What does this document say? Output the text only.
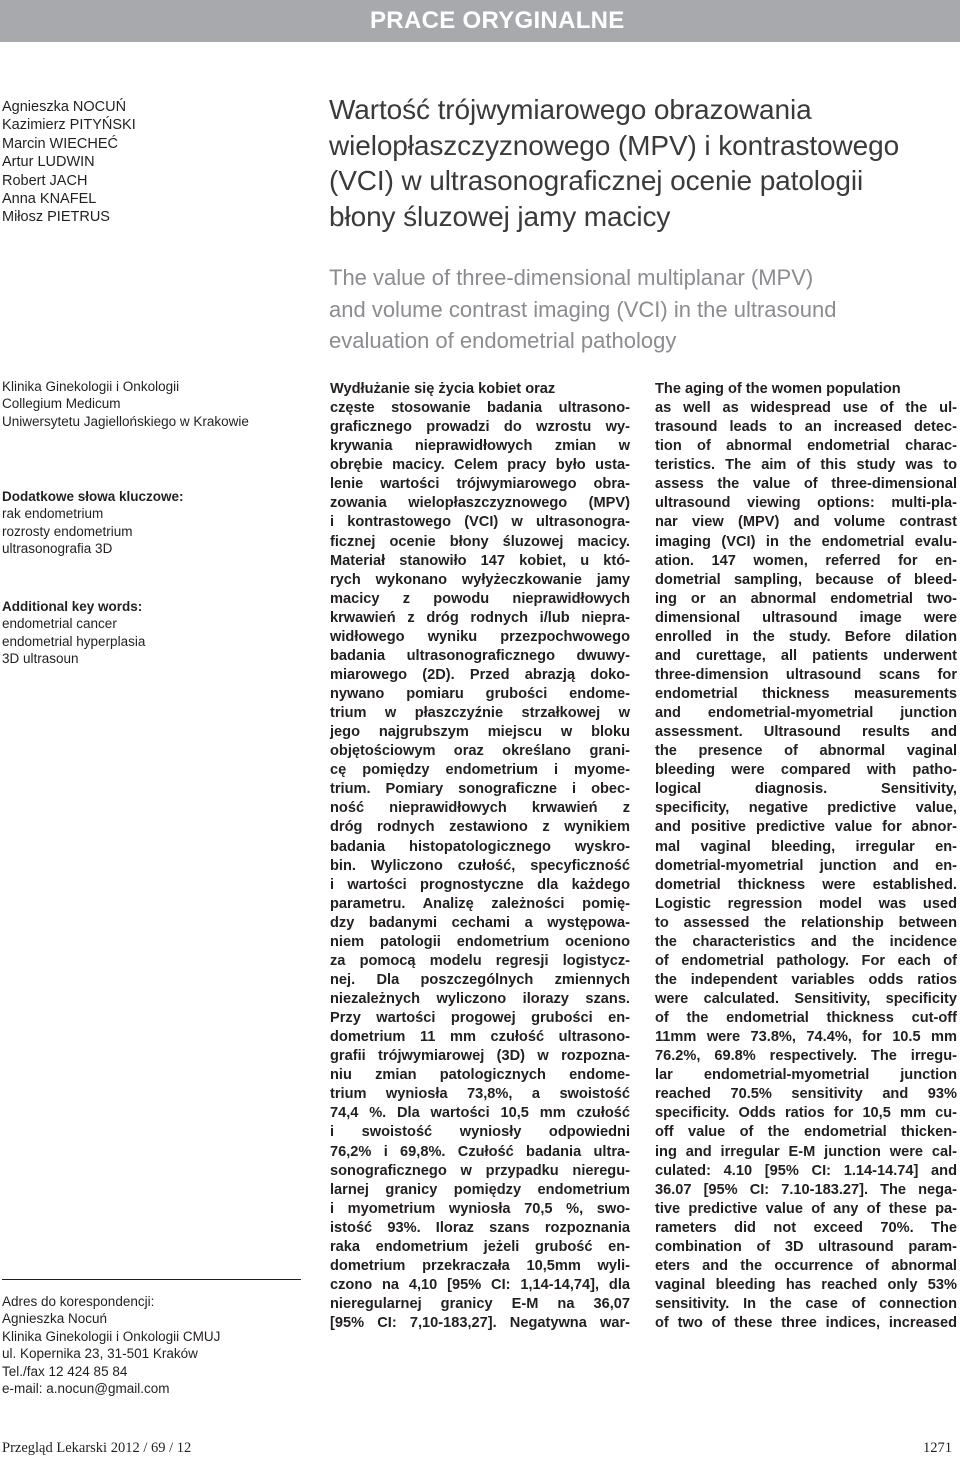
PRACE ORYGINALNE
Agnieszka NOCUŃ
Kazimierz PITYŃSKI
Marcin WIECHEĆ
Artur LUDWIN
Robert JACH
Anna KNAFEL
Miłosz PIETRUS
Wartość trójwymiarowego obrazowania
wielopłaszczyznowego (MPV) i kontrastowego
(VCI) w ultrasonograficznej ocenie patologii
błony śluzowej jamy macicy
The value of three-dimensional multiplanar (MPV)
and volume contrast imaging (VCI) in the ultrasound
evaluation of endometrial pathology
Klinika Ginekologii i Onkologii
Collegium Medicum
Uniwersytetu Jagiellońskiego w Krakowie
Dodatkowe słowa kluczowe:
rak endometrium
rozrosty endometrium
ultrasonografia 3D
Additional key words:
endometrial cancer
endometrial hyperplasia
3D ultrasoun
Adres do korespondencji:
Agnieszka Nocuń
Klinika Ginekologii i Onkologii CMUJ
ul. Kopernika 23, 31-501 Kraków
Tel./fax 12 424 85 84
e-mail: a.nocun@gmail.com
Wydłużanie się życia kobiet oraz
częste stosowanie badania ultrasono-
graficznego prowadzi do wzrostu wy-
krywania nieprawidłowych zmian w
obrębie macicy. Celem pracy było usta-
lenie wartości trójwymiarowego obra-
zowania wielopłaszczyznowego (MPV)
i kontrastowego (VCI) w ultrasonogra-
ficznej ocenie błony śluzowej macicy.
Materiał stanowiło 147 kobiet, u któ-
rych wykonano wyłyżeczkowanie jamy
macicy z powodu nieprawidłowych
krwawień z dróg rodnych i/lub niepra-
widłowego wyniku przezpochwowego
badania ultrasonograficznego dwuwy-
miarowego (2D). Przed abrazją doko-
nywano pomiaru grubości endome-
trium w płaszczyźnie strzałkowej w
jego najgrubszym miejscu w bloku
objętościowym oraz określano grani-
cę pomiędzy endometrium i myome-
trium. Pomiary sonograficzne i obec-
ność nieprawidłowych krwawień z
dróg rodnych zestawiono z wynikiem
badania histopatologicznego wyskro-
bin. Wyliczono czułość, specyficzność
i wartości prognostyczne dla każdego
parametru. Analizę zależności pomię-
dzy badanymi cechami a występowa-
niem patologii endometrium oceniono
za pomocą modelu regresji logistycz-
nej. Dla poszczególnych zmiennych
niezależnych wyliczono ilorazy szans.
Przy wartości progowej grubości en-
dometrium 11 mm czułość ultrasono-
grafii trójwymiarowej (3D) w rozpozna-
niu zmian patologicznych endome-
trium wyniosła 73,8%, a swoistość
74,4 %. Dla wartości 10,5 mm czułość
i swoistość wyniosły odpowiedni
76,2% i 69,8%. Czułość badania ultra-
sonograficznego w przypadku nieregu-
larnej granicy pomiędzy endometrium
i myometrium wyniosła 70,5 %, swo-
istość 93%. Iloraz szans rozpoznania
raka endometrium jeżeli grubość en-
dometrium przekraczała 10,5mm wyli-
czono na 4,10 [95% CI: 1,14-14,74], dla
nieregularnej granicy E-M na 36,07
[95% CI: 7,10-183,27]. Negatywna war-
The aging of the women population
as well as widespread use of the ul-
trasound leads to an increased detec-
tion of abnormal endometrial charac-
teristics. The aim of this study was to
assess the value of three-dimensional
ultrasound viewing options: multi-pla-
nar view (MPV) and volume contrast
imaging (VCI) in the endometrial evalu-
ation. 147 women, referred for en-
dometrial sampling, because of bleed-
ing or an abnormal endometrial two-
dimensional ultrasound image were
enrolled in the study. Before dilation
and curettage, all patients underwent
three-dimension ultrasound scans for
endometrial thickness measurements
and endometrial-myometrial junction
assessment. Ultrasound results and
the presence of abnormal vaginal
bleeding were compared with patho-
logical diagnosis. Sensitivity,
specificity, negative predictive value,
and positive predictive value for abnor-
mal vaginal bleeding, irregular en-
dometrial-myometrial junction and en-
dometrial thickness were established.
Logistic regression model was used
to assessed the relationship between
the characteristics and the incidence
of endometrial pathology. For each of
the independent variables odds ratios
were calculated. Sensitivity, specificity
of the endometrial thickness cut-off
11mm were 73.8%, 74.4%, for 10.5 mm
76.2%, 69.8% respectively. The irregu-
lar endometrial-myometrial junction
reached 70.5% sensitivity and 93%
specificity. Odds ratios for 10,5 mm cu-
off value of the endometrial thicken-
ing and irregular E-M junction were cal-
culated: 4.10 [95% CI: 1.14-14.74] and
36.07 [95% CI: 7.10-183.27]. The nega-
tive predictive value of any of these pa-
rameters did not exceed 70%. The
combination of 3D ultrasound param-
eters and the occurrence of abnormal
vaginal bleeding has reached only 53%
sensitivity. In the case of connection
of two of these three indices, increased
Przegląd Lekarski 2012 / 69 / 12	1271
